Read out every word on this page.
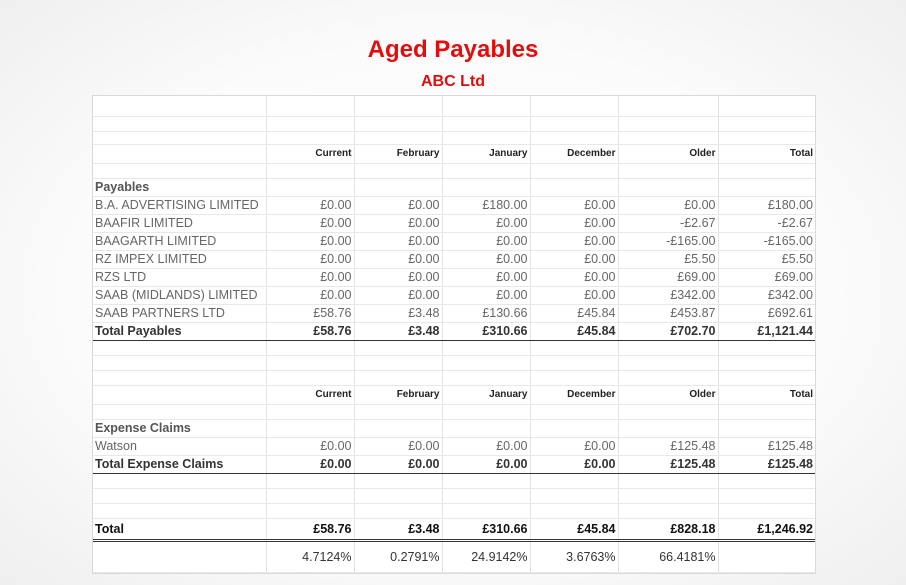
Aged Payables
ABC Ltd

	Current	February	January	December	Older	Total

Payables						
B.A. ADVERTISING LIMITED	£0.00	£0.00	£180.00	£0.00	£0.00	£180.00
BAAFIR LIMITED	£0.00	£0.00	£0.00	£0.00	-£2.67	-£2.67
BAAGARTH LIMITED	£0.00	£0.00	£0.00	£0.00	-£165.00	-£165.00
RZ IMPEX LIMITED	£0.00	£0.00	£0.00	£0.00	£5.50	£5.50
RZS LTD	£0.00	£0.00	£0.00	£0.00	£69.00	£69.00
SAAB (MIDLANDS) LIMITED	£0.00	£0.00	£0.00	£0.00	£342.00	£342.00
SAAB PARTNERS LTD	£58.76	£3.48	£130.66	£45.84	£453.87	£692.61
Total Payables	£58.76	£3.48	£310.66	£45.84	£702.70	£1,121.44

	Current	February	January	December	Older	Total

Expense Claims						
Watson	£0.00	£0.00	£0.00	£0.00	£125.48	£125.48
Total Expense Claims	£0.00	£0.00	£0.00	£0.00	£125.48	£125.48

Total	£58.76	£3.48	£310.66	£45.84	£828.18	£1,246.92
	4.7124%	0.2791%	24.9142%	3.6763%	66.4181%	
